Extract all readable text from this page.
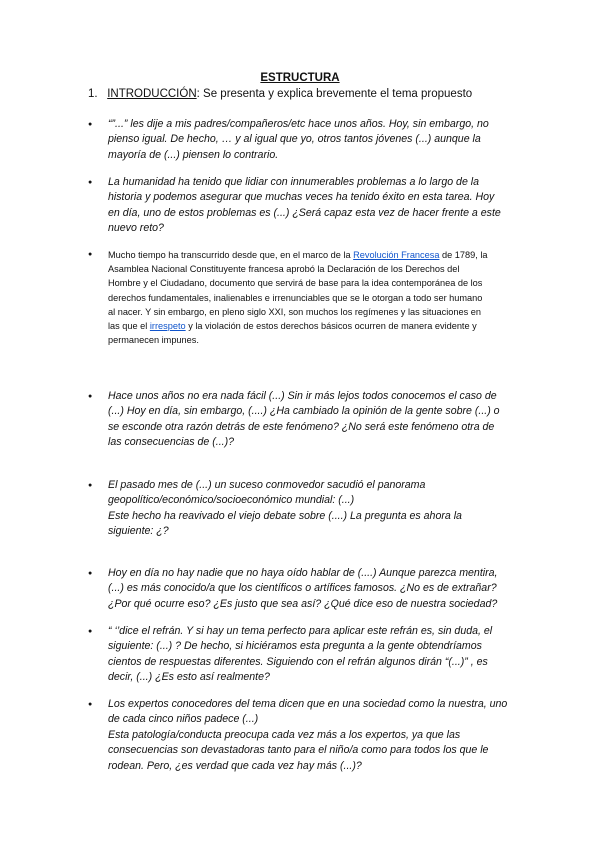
ESTRUCTURA
1. INTRODUCCIÓN: Se presenta y explica brevemente el tema propuesto
● “”...” les dije a mis padres/compañeros/etc hace unos años. Hoy, sin embargo, no
pienso igual. De hecho, … y al igual que yo, otros tantos jóvenes (...) aunque la
mayoría de (...) piensen lo contrario.
● La humanidad ha tenido que lidiar con innumerables problemas a lo largo de la
historia y podemos asegurar que muchas veces ha tenido éxito en esta tarea. Hoy
en día, uno de estos problemas es (...) ¿Será capaz esta vez de hacer frente a este
nuevo reto?
● Mucho tiempo ha transcurrido desde que, en el marco de la Revolución Francesa de 1789, la
Asamblea Nacional Constituyente francesa aprobó la Declaración de los Derechos del
Hombre y el Ciudadano, documento que servirá de base para la idea contemporánea de los
derechos fundamentales, inalienables e irrenunciables que se le otorgan a todo ser humano
al nacer. Y sin embargo, en pleno siglo XXI, son muchos los regímenes y las situaciones en
las que el irrespeto y la violación de estos derechos básicos ocurren de manera evidente y
permanecen impunes.
● Hace unos años no era nada fácil (...) Sin ir más lejos todos conocemos el caso de
(...) Hoy en día, sin embargo, (....) ¿Ha cambiado la opinión de la gente sobre (...) o
se esconde otra razón detrás de este fenómeno? ¿No será este fenómeno otra de
las consecuencias de (...)?
● El pasado mes de (...) un suceso conmovedor sacudió el panorama
geopolítico/económico/socioeconómico mundial: (...)
Este hecho ha reavivado el viejo debate sobre (....) La pregunta es ahora la
siguiente: ¿?
● Hoy en día no hay nadie que no haya oído hablar de (....) Aunque parezca mentira,
(...) es más conocido/a que los científicos o artífices famosos. ¿No es de extrañar?
¿Por qué ocurre eso? ¿Es justo que sea así? ¿Qué dice eso de nuestra sociedad?
● “ ‘’dice el refrán. Y si hay un tema perfecto para aplicar este refrán es, sin duda, el
siguiente: (...) ? De hecho, si hiciéramos esta pregunta a la gente obtendríamos
cientos de respuestas diferentes. Siguiendo con el refrán algunos dirán “(...)” , es
decir, (...) ¿Es esto así realmente?
● Los expertos conocedores del tema dicen que en una sociedad como la nuestra, uno
de cada cinco niños padece (...)
Esta patología/conducta preocupa cada vez más a los expertos, ya que las
consecuencias son devastadoras tanto para el niño/a como para todos los que le
rodean. Pero, ¿es verdad que cada vez hay más (...)?
